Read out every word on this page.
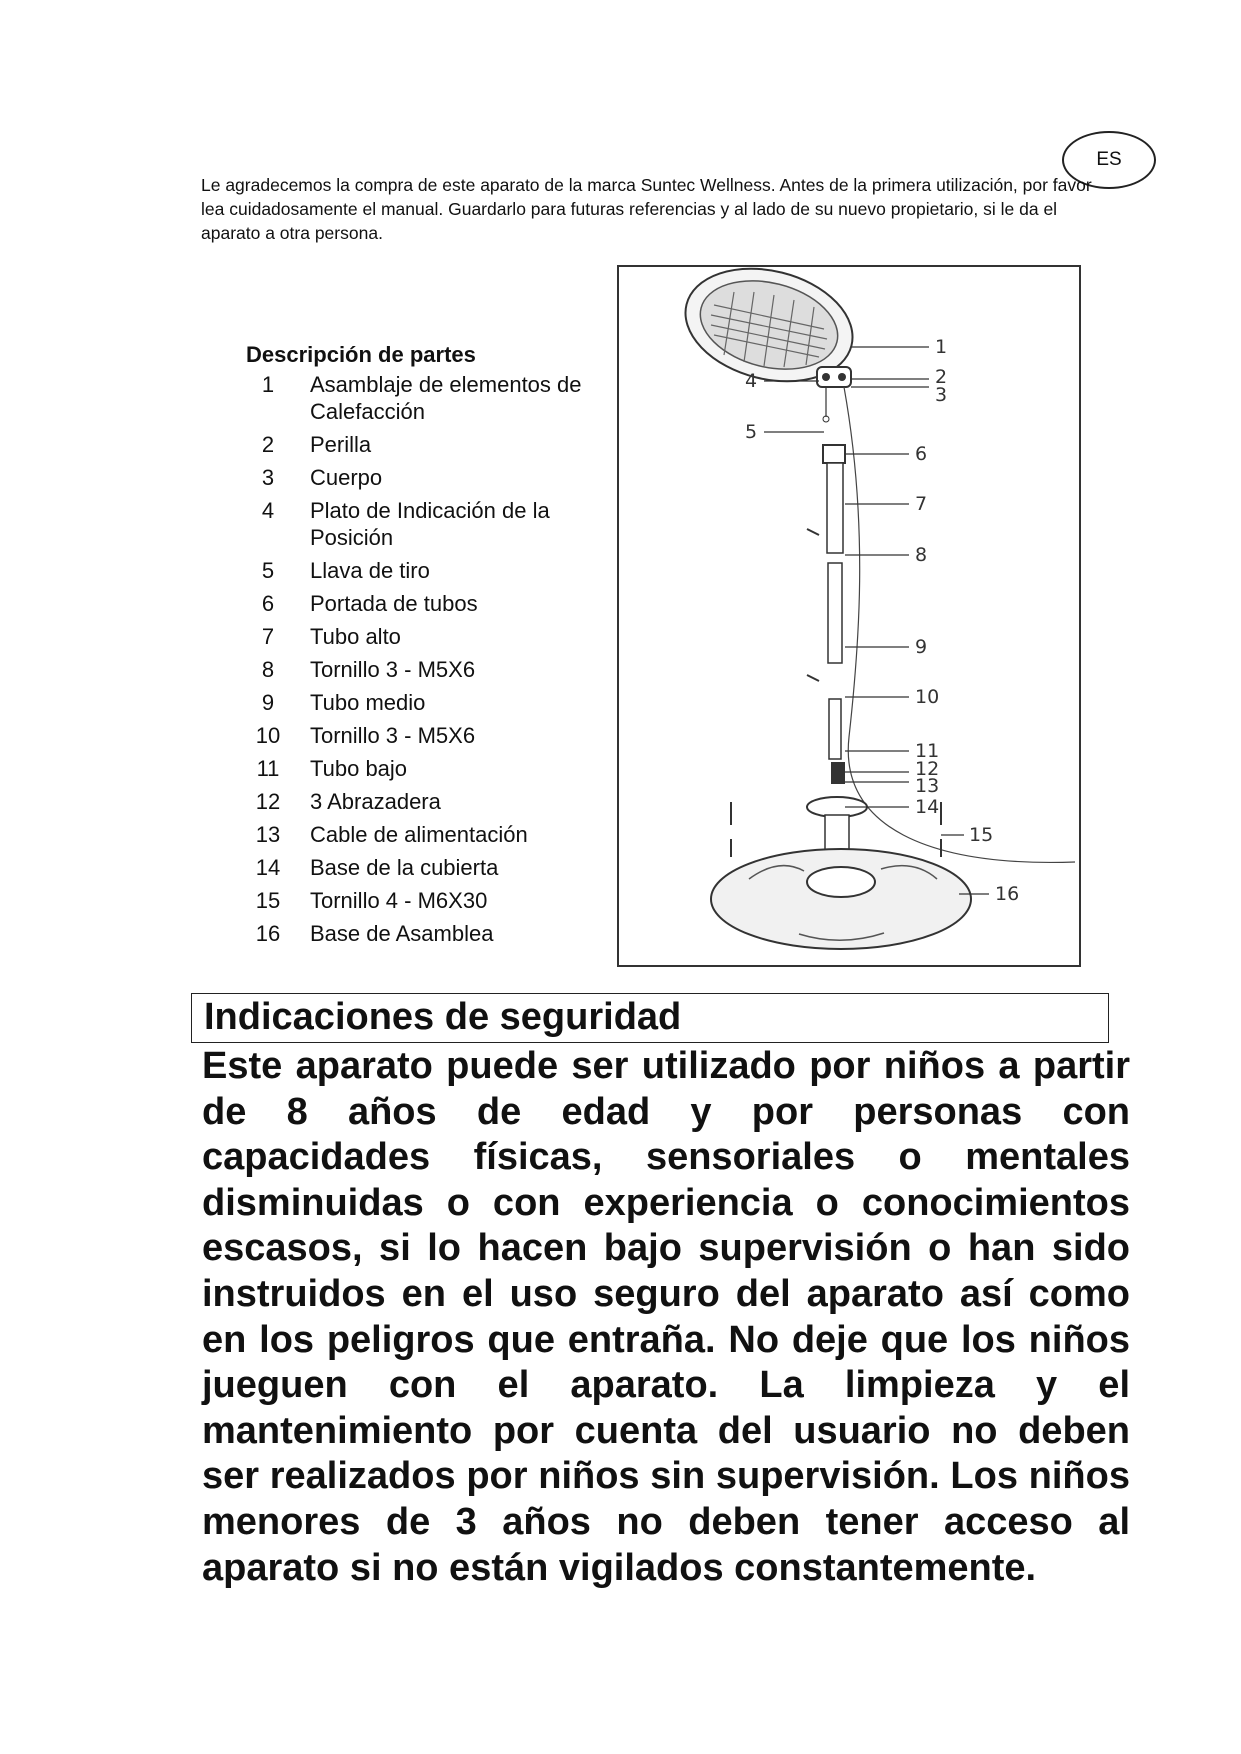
ES

Le agradecemos la compra de este aparato de la marca Suntec Wellness. Antes de la primera utilización, por favor lea cuidadosamente el manual. Guardarlo para futuras referencias y al lado de su nuevo propietario, si le da el aparato a otra persona.

Descripción de partes
1	Asamblaje de elementos de Calefacción
2	Perilla
3	Cuerpo
4	Plato de Indicación de la Posición
5	Llava de tiro
6	Portada de tubos
7	Tubo alto
8	Tornillo 3 - M5X6
9	Tubo medio
10	Tornillo 3 - M5X6
11	Tubo bajo
12	3 Abrazadera
13	Cable de alimentación
14	Base de la cubierta
15	Tornillo 4 - M6X30
16	Base de Asamblea
1
2
3
4
5
6
7
8
9
10
11
12
13
14
15
16
Indicaciones de seguridad

Este aparato puede ser utilizado por niños a partir de 8 años de edad y por personas con capacidades físicas, sensoriales o mentales disminuidas o con experiencia o conocimientos escasos, si lo hacen bajo supervisión o han sido instruidos en el uso seguro del aparato así como en los peligros que entraña. No deje que los niños jueguen con el aparato. La limpieza y el mantenimiento por cuenta del usuario no deben ser realizados por niños sin supervisión. Los niños menores de 3 años no deben tener acceso al aparato si no están vigilados constantemente.
